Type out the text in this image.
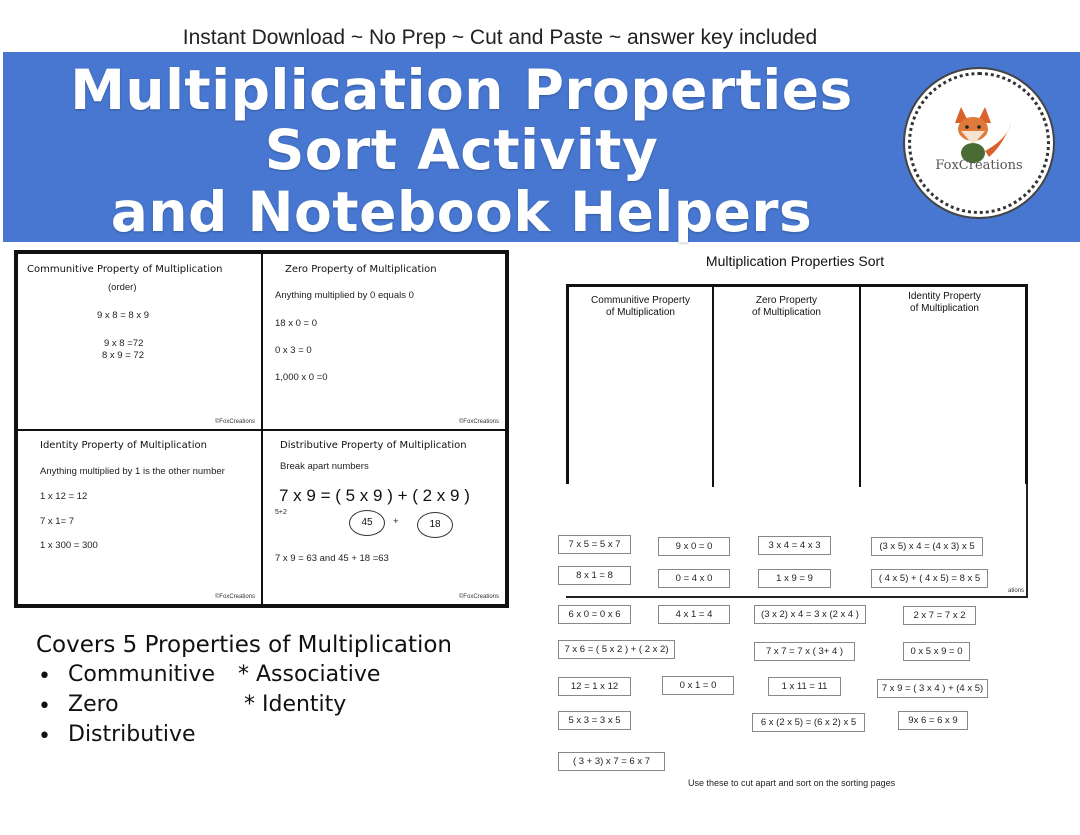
Instant Download ~ No Prep ~ Cut and Paste ~ answer key included
Multiplication Properties
Sort Activity
and Notebook Helpers
FoxCreations
Communitive Property of Multiplication
(order)
9 x 8 = 8 x 9
9 x 8 =72
8 x 9 = 72
©FoxCreations
Zero Property of Multiplication
Anything multiplied by 0 equals 0
18 x 0 = 0
0 x 3 = 0
1,000 x 0 =0
©FoxCreations
Identity Property of Multiplication
Anything multiplied by 1 is the other number
1 x 12 = 12
7 x 1= 7
1 x 300 = 300
©FoxCreations
Distributive Property of Multiplication
Break apart numbers
7 x 9 = ( 5 x 9 ) + ( 2 x 9 )
5+2
45	+	18
7 x 9 = 63 and 45 + 18 =63
©FoxCreations
Covers 5 Properties of Multiplication
• Communitive * Associative
• Zero	* Identity
• Distributive
Multiplication Properties Sort
Communitive Property
of Multiplication
Zero Property
of Multiplication
Identity Property
of Multiplication
ations
7 x 5 = 5 x 7	9 x 0 = 0	3 x 4 = 4 x 3	(3 x 5) x 4 = (4 x 3) x 5
8 x 1 = 8	0 = 4 x 0	1 x 9 = 9	( 4 x 5) + ( 4 x 5) = 8 x 5
6 x 0 = 0 x 6	4 x 1 = 4	(3 x 2) x 4 = 3 x (2 x 4 )	2 x 7 = 7 x 2
7 x 6 = ( 5 x 2 ) + ( 2 x 2)	7 x 7 = 7 x ( 3+ 4 )	0 x 5 x 9 = 0
12 = 1 x 12	0 x 1 = 0	1 x 11 = 11	7 x 9 = ( 3 x 4 ) + (4 x 5)
5 x 3 = 3 x 5	6 x (2 x 5) = (6 x 2) x 5	9x 6 = 6 x 9
( 3 + 3) x 7 = 6 x 7
Use these to cut apart and sort on the sorting pages
